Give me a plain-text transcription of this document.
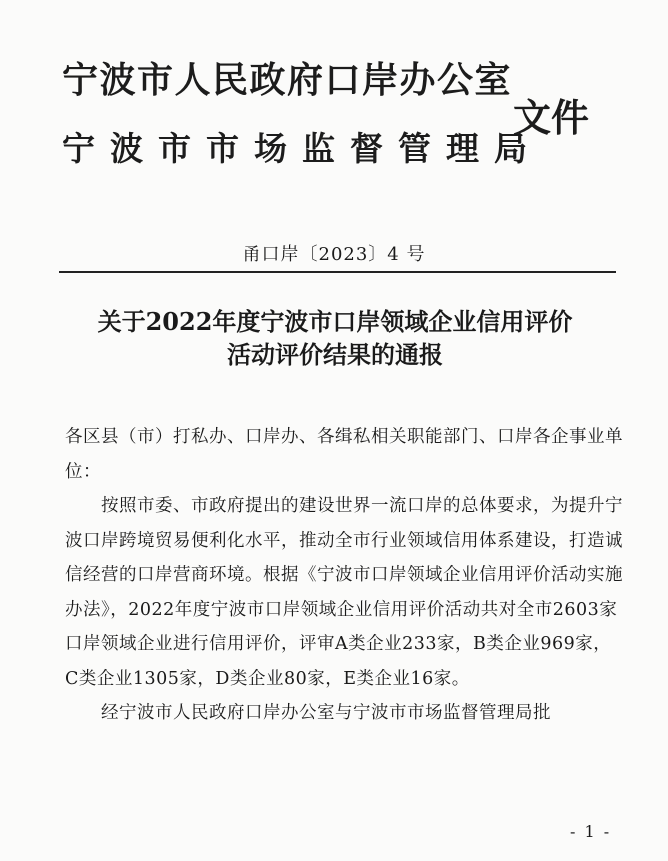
宁波市人民政府口岸办公室

宁波市市场监督管理局

文件

甬口岸〔2023〕4 号

关于2022年度宁波市口岸领域企业信用评价
活动评价结果的通报

各区县（市）打私办、口岸办、各缉私相关职能部门、口岸各企事业单位：

按照市委、市政府提出的建设世界一流口岸的总体要求，为提升宁波口岸跨境贸易便利化水平，推动全市行业领域信用体系建设，打造诚信经营的口岸营商环境。根据《宁波市口岸领域企业信用评价活动实施办法》，2022年度宁波市口岸领域企业信用评价活动共对全市2603家口岸领域企业进行信用评价，评审A类企业233家，B类企业969家，C类企业1305家，D类企业80家，E类企业16家。

经宁波市人民政府口岸办公室与宁波市市场监督管理局批

- 1 -
